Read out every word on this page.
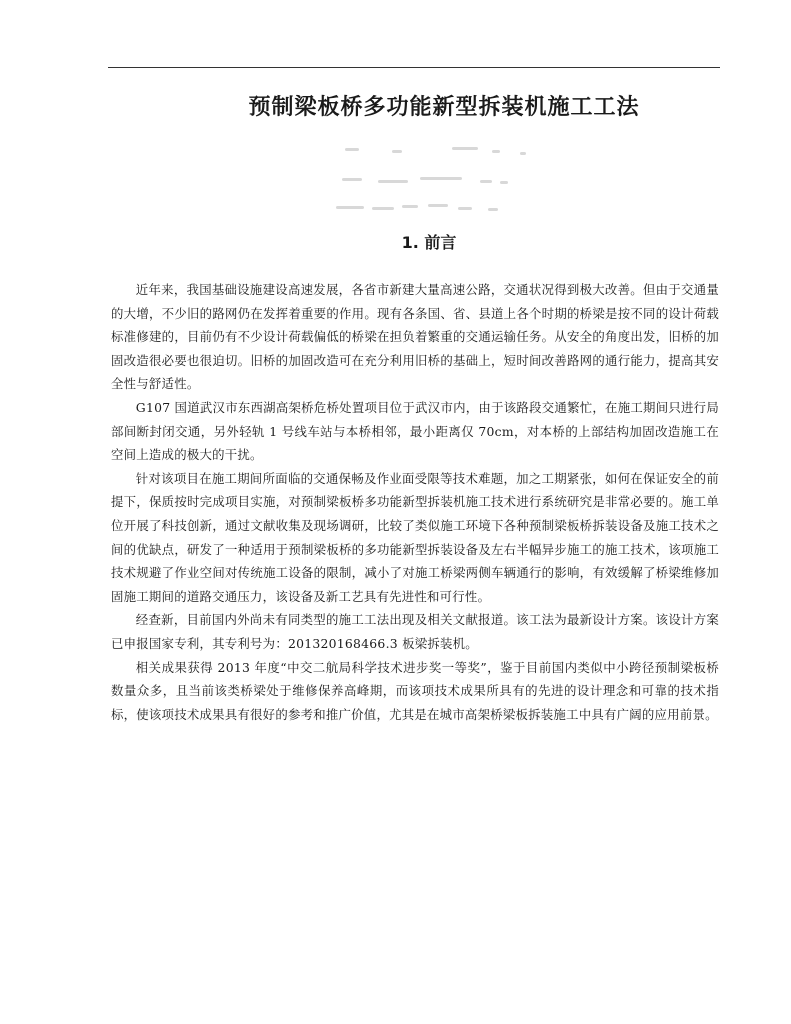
预制梁板桥多功能新型拆装机施工工法
1. 前言

近年来，我国基础设施建设高速发展，各省市新建大量高速公路，交通状况得到极大改善。但由于交通量的大增，不少旧的路网仍在发挥着重要的作用。现有各条国、省、县道上各个时期的桥梁是按不同的设计荷载标准修建的，目前仍有不少设计荷载偏低的桥梁在担负着繁重的交通运输任务。从安全的角度出发，旧桥的加固改造很必要也很迫切。旧桥的加固改造可在充分利用旧桥的基础上，短时间改善路网的通行能力，提高其安全性与舒适性。

G107 国道武汉市东西湖高架桥危桥处置项目位于武汉市内，由于该路段交通繁忙，在施工期间只进行局部间断封闭交通，另外轻轨 1 号线车站与本桥相邻，最小距离仅 70cm，对本桥的上部结构加固改造施工在空间上造成的极大的干扰。

针对该项目在施工期间所面临的交通保畅及作业面受限等技术难题，加之工期紧张，如何在保证安全的前提下，保质按时完成项目实施，对预制梁板桥多功能新型拆装机施工技术进行系统研究是非常必要的。施工单位开展了科技创新，通过文献收集及现场调研，比较了类似施工环境下各种预制梁板桥拆装设备及施工技术之间的优缺点，研发了一种适用于预制梁板桥的多功能新型拆装设备及左右半幅异步施工的施工技术，该项施工技术规避了作业空间对传统施工设备的限制，减小了对施工桥梁两侧车辆通行的影响，有效缓解了桥梁维修加固施工期间的道路交通压力，该设备及新工艺具有先进性和可行性。

经查新，目前国内外尚未有同类型的施工工法出现及相关文献报道。该工法为最新设计方案。该设计方案已申报国家专利，其专利号为：201320168466.3 板梁拆装机。

相关成果获得 2013 年度“中交二航局科学技术进步奖一等奖”，鉴于目前国内类似中小跨径预制梁板桥数量众多，且当前该类桥梁处于维修保养高峰期，而该项技术成果所具有的先进的设计理念和可靠的技术指标，使该项技术成果具有很好的参考和推广价值，尤其是在城市高架桥梁板拆装施工中具有广阔的应用前景。
